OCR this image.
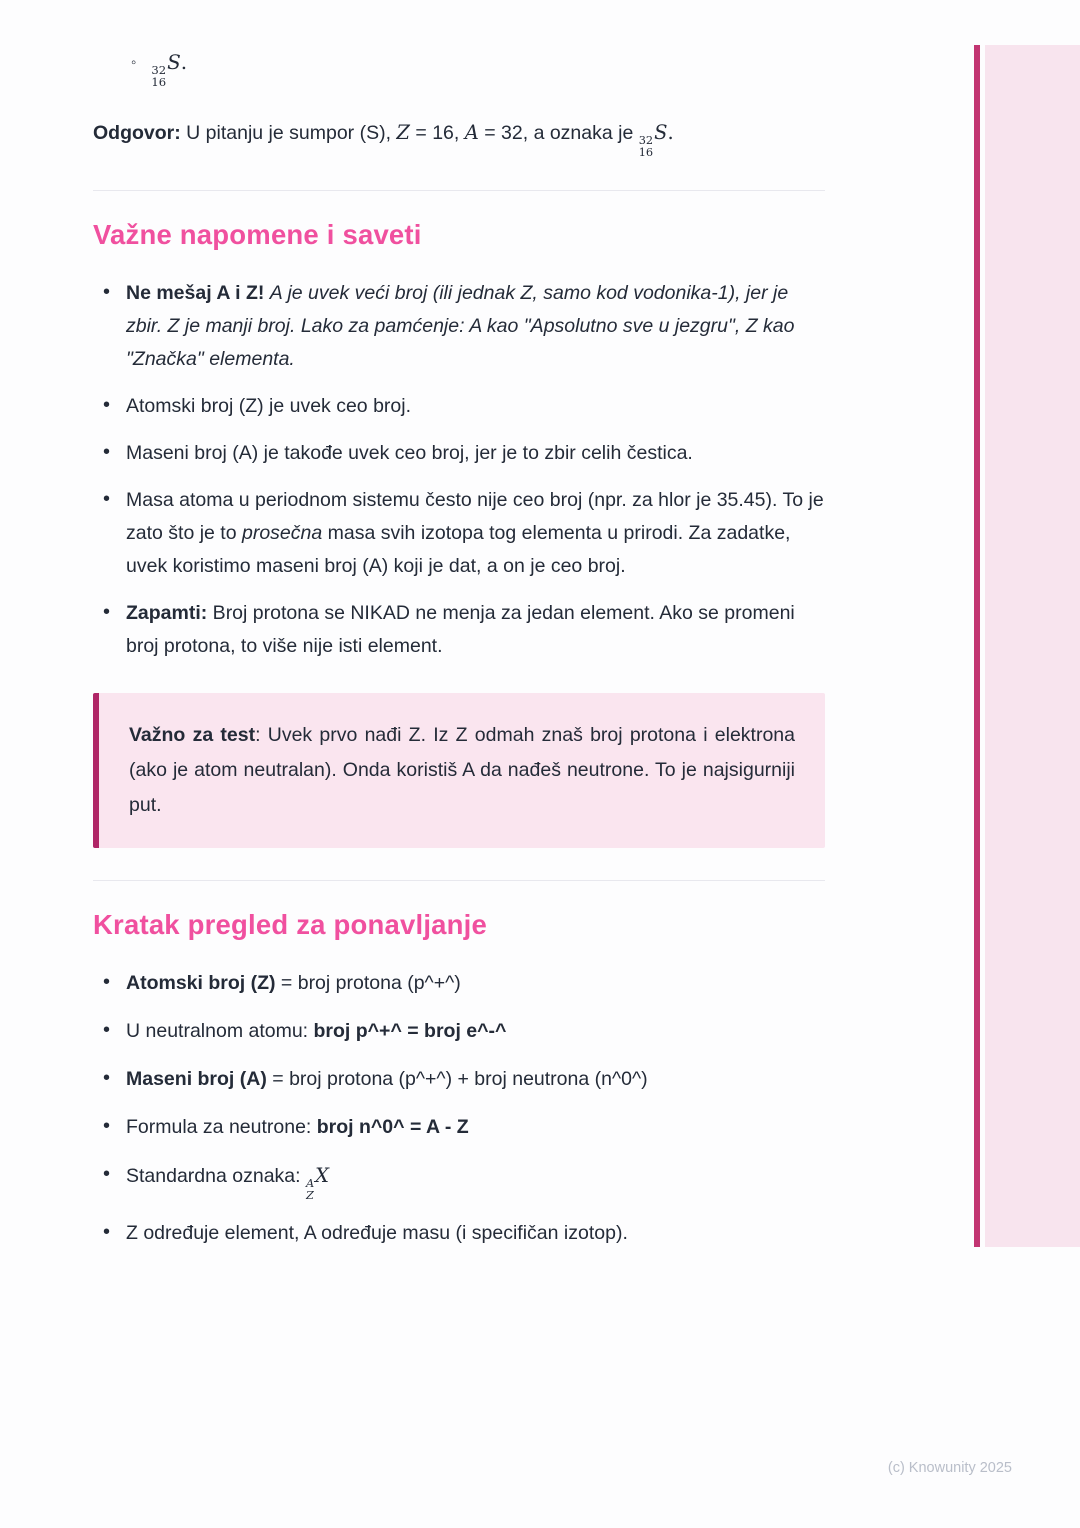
◦ 32
16
S.

Odgovor: U pitanju je sumpor (S), Z = 16, A = 32, a oznaka je 32
16
S.

Važne napomene i saveti
• Ne mešaj A i Z! A je uvek veći broj (ili jednak Z, samo kod vodonika-1), jer je zbir. Z je manji broj. Lako za pamćenje: A kao "Apsolutno sve u jezgru", Z kao "Značka" elementa.
• Atomski broj (Z) je uvek ceo broj.
• Maseni broj (A) je takođe uvek ceo broj, jer je to zbir celih čestica.
• Masa atoma u periodnom sistemu često nije ceo broj (npr. za hlor je 35.45). To je zato što je to prosečna masa svih izotopa tog elementa u prirodi. Za zadatke, uvek koristimo maseni broj (A) koji je dat, a on je ceo broj.
• Zapamti: Broj protona se NIKAD ne menja za jedan element. Ako se promeni broj protona, to više nije isti element.

Važno za test: Uvek prvo nađi Z. Iz Z odmah znaš broj protona i elektrona (ako je atom neutralan). Onda koristiš A da nađeš neutrone. To je najsigurniji put.

Kratak pregled za ponavljanje
• Atomski broj (Z) = broj protona (p^+^)
• U neutralnom atomu: broj p^+^ = broj e^-^
• Maseni broj (A) = broj protona (p^+^) + broj neutrona (n^0^)
• Formula za neutrone: broj n^0^ = A - Z
• Standardna oznaka: A
Z
X
• Z određuje element, A određuje masu (i specifičan izotop).
(c) Knowunity 2025
